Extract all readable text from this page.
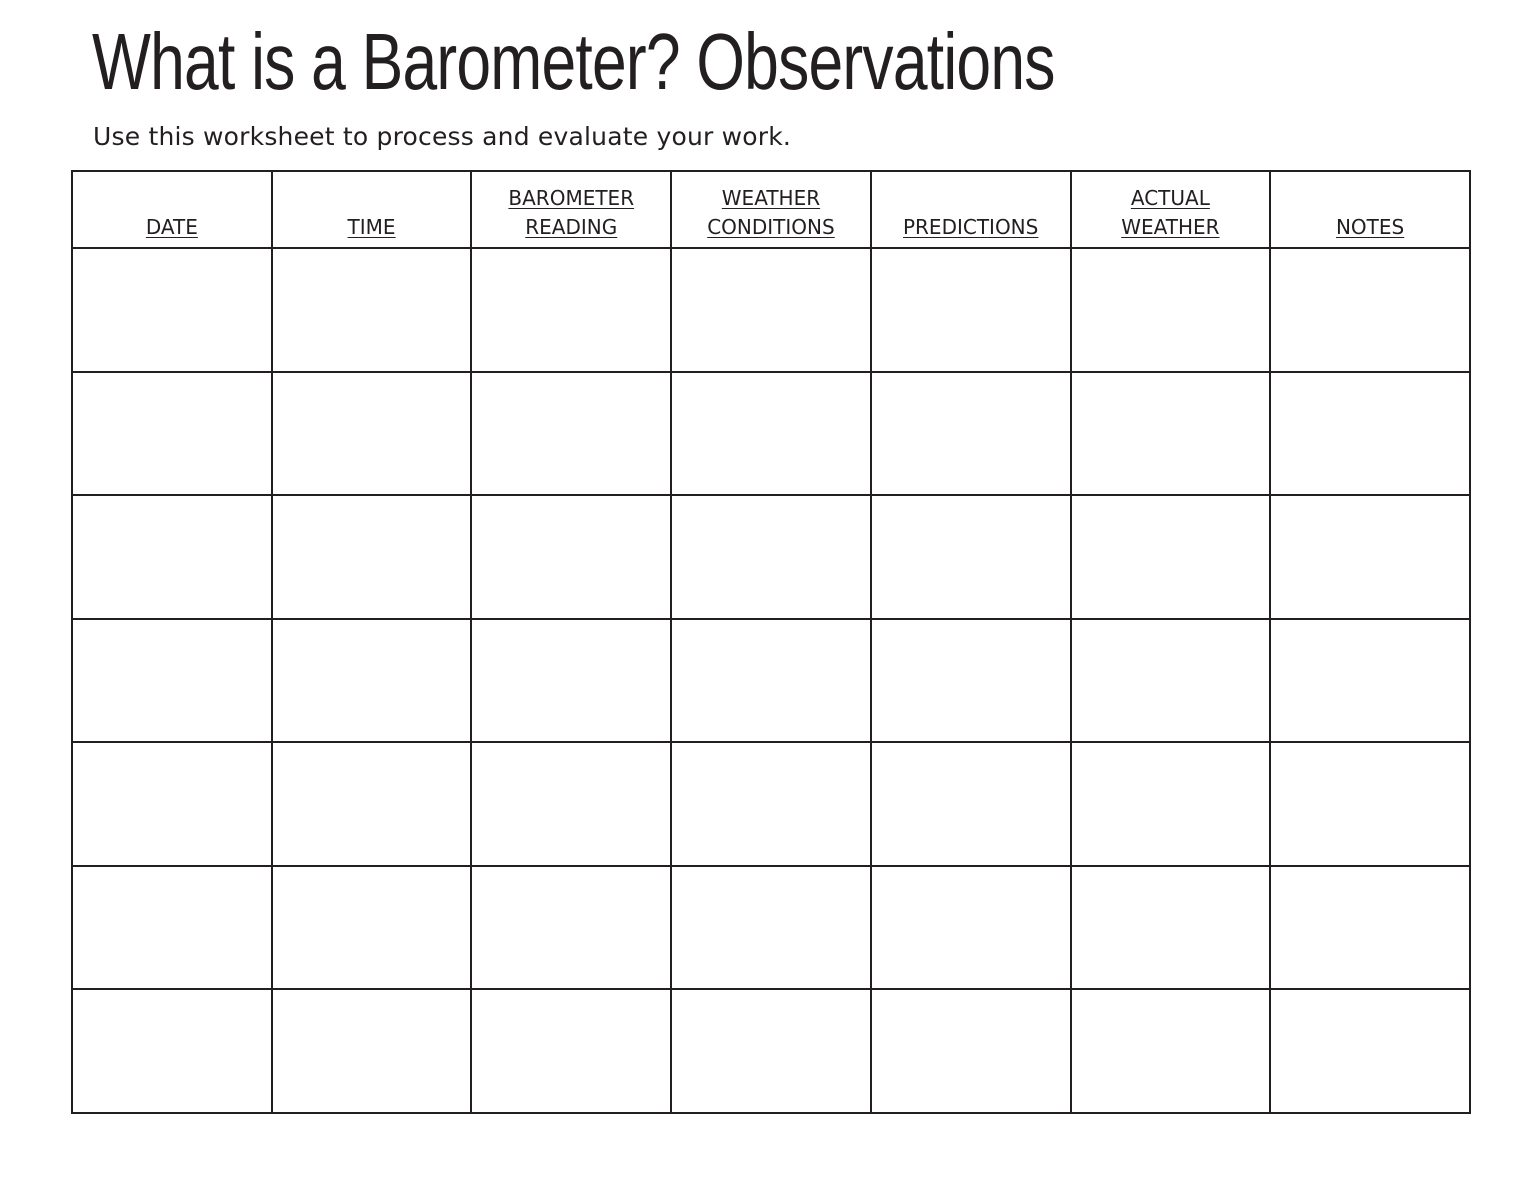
What is a Barometer? Observations

Use this worksheet to process and evaluate your work.

DATE	TIME	BAROMETER READING	WEATHER CONDITIONS	PREDICTIONS	ACTUAL WEATHER	NOTES
